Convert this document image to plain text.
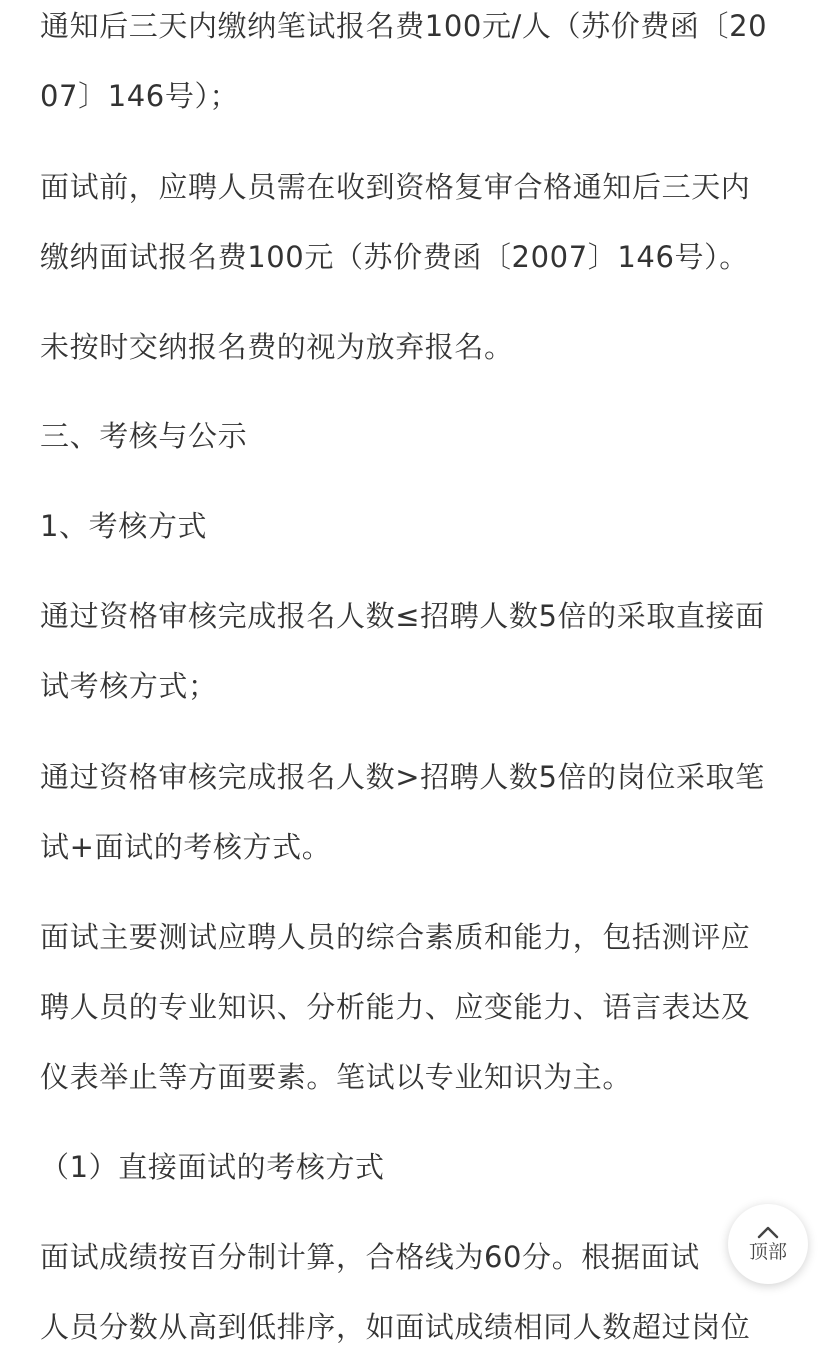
通知后三天内缴纳笔试报名费100元/人（苏价费函〔20
07〕146号）；
面试前，应聘人员需在收到资格复审合格通知后三天内
缴纳面试报名费100元（苏价费函〔2007〕146号）。
未按时交纳报名费的视为放弃报名。
三、考核与公示
1、考核方式
通过资格审核完成报名人数≤招聘人数5倍的采取直接面
试考核方式；
通过资格审核完成报名人数>招聘人数5倍的岗位采取笔
试+面试的考核方式。
面试主要测试应聘人员的综合素质和能力，包括测评应
聘人员的专业知识、分析能力、应变能力、语言表达及
仪表举止等方面要素。笔试以专业知识为主。
（1）直接面试的考核方式
面试成绩按百分制计算，合格线为60分。根据面试
人员分数从高到低排序，如面试成绩相同人数超过岗位
顶部
